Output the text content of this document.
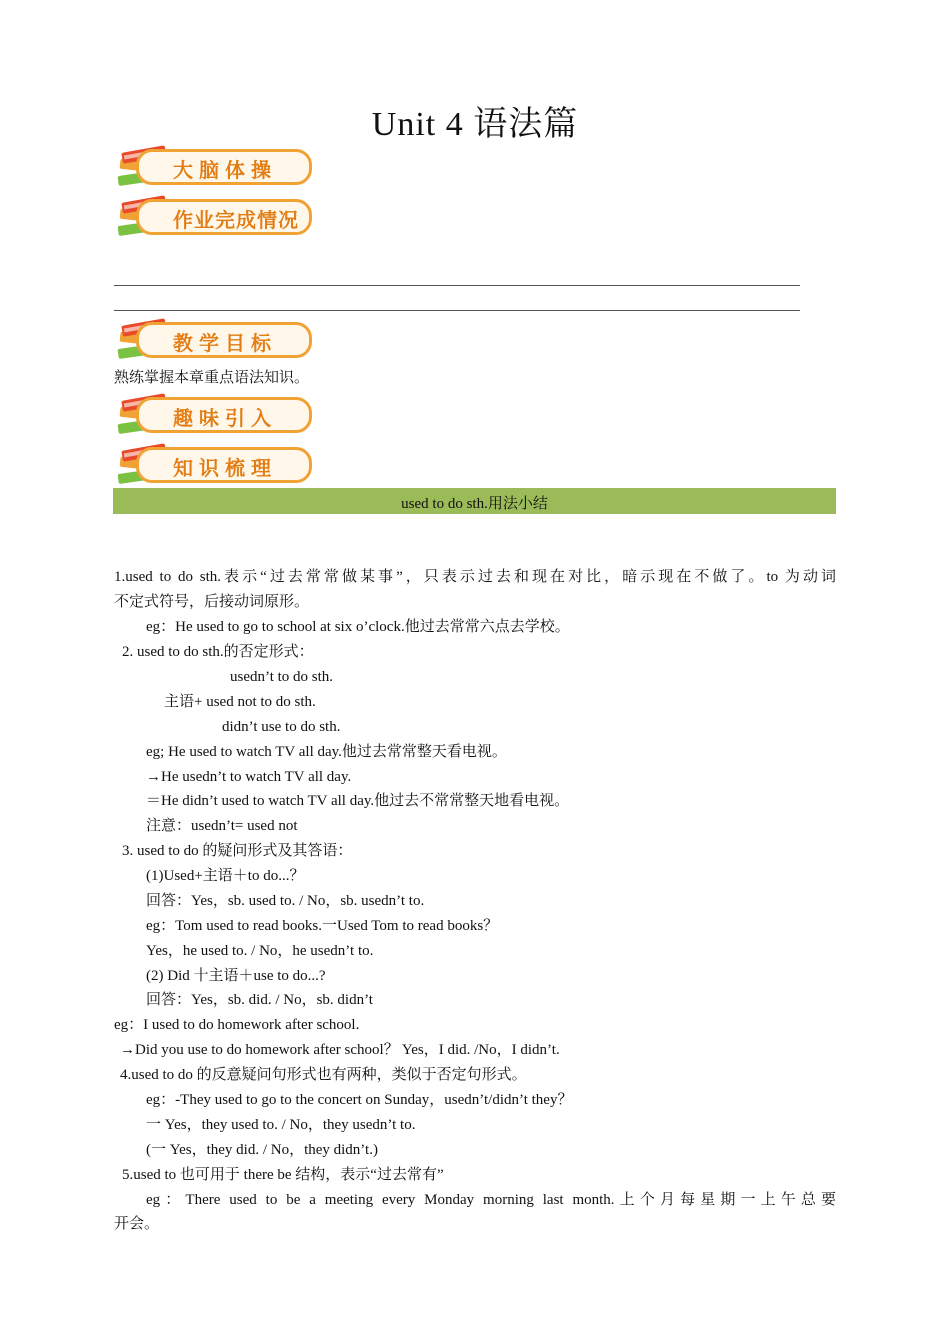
Unit 4 语法篇
大脑体操
作业完成情况
教学目标
熟练掌握本章重点语法知识。
趣味引入
知识梳理
used to do sth.用法小结
1.used to do sth.表示“过去常常做某事”，只表示过去和现在对比，暗示现在不做了。to 为动词
不定式符号，后接动词原形。
eg：He used to go to school at six o’clock.他过去常常六点去学校。
2. used to do sth.的否定形式：
usedn’t to do sth.
主语+ used not to do sth.
didn’t use to do sth.
eg; He used to watch TV all day.他过去常常整天看电视。
→He usedn’t to watch TV all day.
＝He didn’t used to watch TV all day.他过去不常常整天地看电视。
注意：usedn’t= used not
3. used to do 的疑问形式及其答语：
(1)Used+主语＋to do...？
回答：Yes，sb. used to. / No，sb. usedn’t to.
eg：Tom used to read books.一Used Tom to read books？
Yes，he used to. / No，he usedn’t to.
(2) Did 十主语＋use to do...?
回答：Yes，sb. did. / No，sb. didn’t
eg：I used to do homework after school.
→Did you use to do homework after school？ Yes，I did. /No，I didn’t.
4.used to do 的反意疑问句形式也有两种，类似于否定句形式。
eg：-They used to go to the concert on Sunday，usedn’t/didn’t they？
一 Yes，they used to. / No，they usedn’t to.
(一 Yes，they did. / No，they didn’t.)
5.used to 也可用于 there be 结构，表示“过去常有”
eg：There used to be a meeting every Monday morning last month.上个月每星期一上午总要
开会。
